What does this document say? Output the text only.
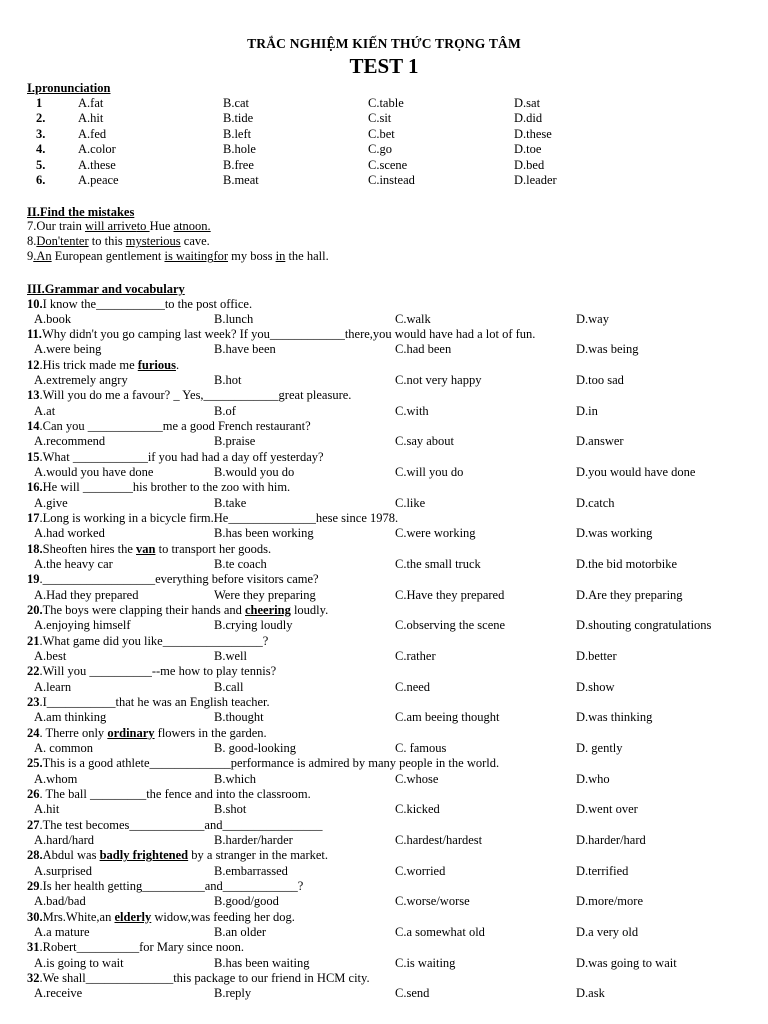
TRẮC NGHIỆM KIẾN THỨC TRỌNG TÂM
TEST 1
I.pronunciation
1	A.fat	B.cat	C.table	D.sat
2.	A.hit	B.tide	C.sit	D.did
3.	A.fed	B.left	C.bet	D.these
4.	A.color	B.hole	C.go	D.toe
5.	A.these	B.free	C.scene	D.bed
6.	A.peace	B.meat	C.instead	D.leader
II.Find the mistakes
7.Our train will arriveto Hue atnoon.
8.Don'tenter to this mysterious cave.
9.An European gentlement is waitingfor my boss in the hall.
III.Grammar and vocabulary
10.I know the___________to the post office.
A.book	B.lunch	C.walk	D.way
11.Why didn't you go camping last week? If you____________there,you would have had a lot of fun.
A.were being	B.have been	C.had been	D.was being
12.His trick made me furious.
A.extremely angry	B.hot	C.not very happy	D.too sad
13.Will you do me a favour? _ Yes,____________great pleasure.
A.at	B.of	C.with	D.in
14.Can you ____________me a good French restaurant?
A.recommend	B.praise	C.say about	D.answer
15.What ____________if you had had a day off yesterday?
A.would you have done	B.would you do	C.will you do	D.you would have done
16.He will ________his brother to the zoo with him.
A.give	B.take	C.like	D.catch
17.Long is working in a bicycle firm.He______________hese since 1978.
A.had worked	B.has been working	C.were working	D.was working
18.Sheoften hires the van to transport her goods.
A.the heavy car	B.te coach	C.the small truck	D.the bid motorbike
19.__________________everything before visitors came?
A.Had they prepared	Were they preparing	C.Have they prepared	D.Are they preparing
20.The boys were clapping their hands and cheering loudly.
A.enjoying himself	B.crying loudly	C.observing the scene	D.shouting congratulations
21.What game did you like________________?
A.best	B.well	C.rather	D.better
22.Will you __________--me how to play tennis?
A.learn	B.call	C.need	D.show
23.I___________that he was an English teacher.
A.am thinking	B.thought	C.am beeing thought	D.was thinking
24. Therre only ordinary flowers in the garden.
A. common	B. good-looking	C. famous	D. gently
25.This is a good athlete_____________performance is admired by many people in the world.
A.whom	B.which	C.whose	D.who
26. The ball _________the fence and into the classroom.
A.hit	B.shot	C.kicked	D.went over
27.The test becomes____________and________________
A.hard/hard	B.harder/harder	C.hardest/hardest	D.harder/hard
28.Abdul was badly frightened by a stranger in the market.
A.surprised	B.embarrassed	C.worried	D.terrified
29.Is her health getting__________and____________?
A.bad/bad	B.good/good	C.worse/worse	D.more/more
30.Mrs.White,an elderly widow,was feeding her dog.
A.a mature	B.an older	C.a somewhat old	D.a very old
31.Robert__________for Mary since noon.
A.is going to wait	B.has been waiting	C.is waiting	D.was going to wait
32.We shall______________this package to our friend in HCM city.
A.receive	B.reply	C.send	D.ask
